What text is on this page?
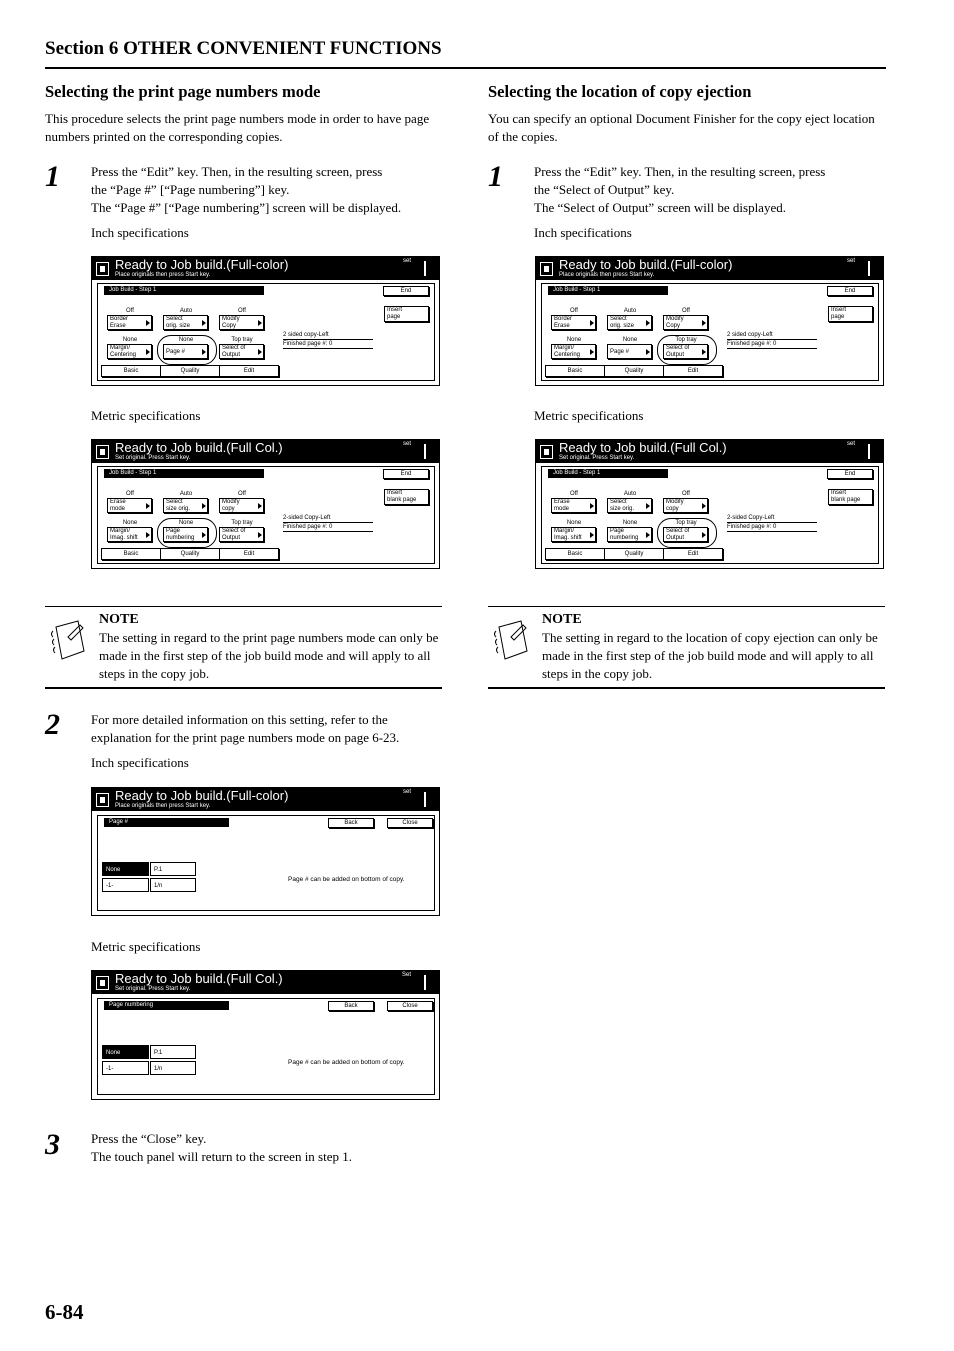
Section 6 OTHER CONVENIENT FUNCTIONS
Selecting the print page numbers mode
This procedure selects the print page numbers mode in order to have page numbers printed on the corresponding copies.
1 Press the “Edit” key. Then, in the resulting screen, press
the “Page #” [“Page numbering”] key.
The “Page #” [“Page numbering”] screen will be displayed.
Inch specifications
Ready to Job build.(Full-color)
Place originals then press Start key.
set
Job Build - Step 1	End
Off	Auto	Off
Border
Erase
Select
orig. size
Modify
Copy
None	None	Top tray
Margin/
Centering	Page #
Select of
Output
2 sided copy-Left
Finished page #: 0
Insert
page
Basic	Quality	Edit
Metric specifications
Ready to Job build.(Full Col.)
Set original. Press Start key.
set
Job Build - Step 1	End
Off	Auto	Off
Erase
mode
Select
size orig.
Modify
copy
None	None	Top tray
Margin/
Imag. shift
Page
numbering
Select of
Output
2-sided Copy-Left
Finished page #: 0
Insert
blank page
Basic	Quality	Edit
NOTE
The setting in regard to the print page numbers mode can only be made in the first step of the job build mode and will apply to all steps in the copy job.
2 For more detailed information on this setting, refer to the
explanation for the print page numbers mode on page 6-23.
Inch specifications
Ready to Job build.(Full-color)
Place originals then press Start key.
set
Page #	Back	Close
None	P.1
-1-	1/n
Page # can be added on bottom of copy.
Metric specifications
Ready to Job build.(Full Col.)
Set original. Press Start key.
Set
Page numbering	Back	Close
None	P.1
-1-	1/n
Page # can be added on bottom of copy.
3 Press the “Close” key.
The touch panel will return to the screen in step 1.
Selecting the location of copy ejection
You can specify an optional Document Finisher for the copy eject location of the copies.
1 Press the “Edit” key. Then, in the resulting screen, press
the “Select of Output” key.
The “Select of Output” screen will be displayed.
Inch specifications
Ready to Job build.(Full-color)
Place originals then press Start key.
set
Job Build - Step 1	End
Off	Auto	Off
Border
Erase
Select
orig. size
Modify
Copy
None	None	Top tray
Margin/
Centering	Page #
Select of
Output
2 sided copy-Left
Finished page #: 0
Insert
page
Basic	Quality	Edit
Metric specifications
Ready to Job build.(Full Col.)
Set original. Press Start key.
set
Job Build - Step 1	End
Off	Auto	Off
Erase
mode
Select
size orig.
Modify
copy
None	None	Top tray
Margin/
Imag. shift
Page
numbering
Select of
Output
2-sided Copy-Left
Finished page #: 0
Insert
blank page
Basic	Quality	Edit
NOTE
The setting in regard to the location of copy ejection can only be made in the first step of the job build mode and will apply to all steps in the copy job.
6-84
